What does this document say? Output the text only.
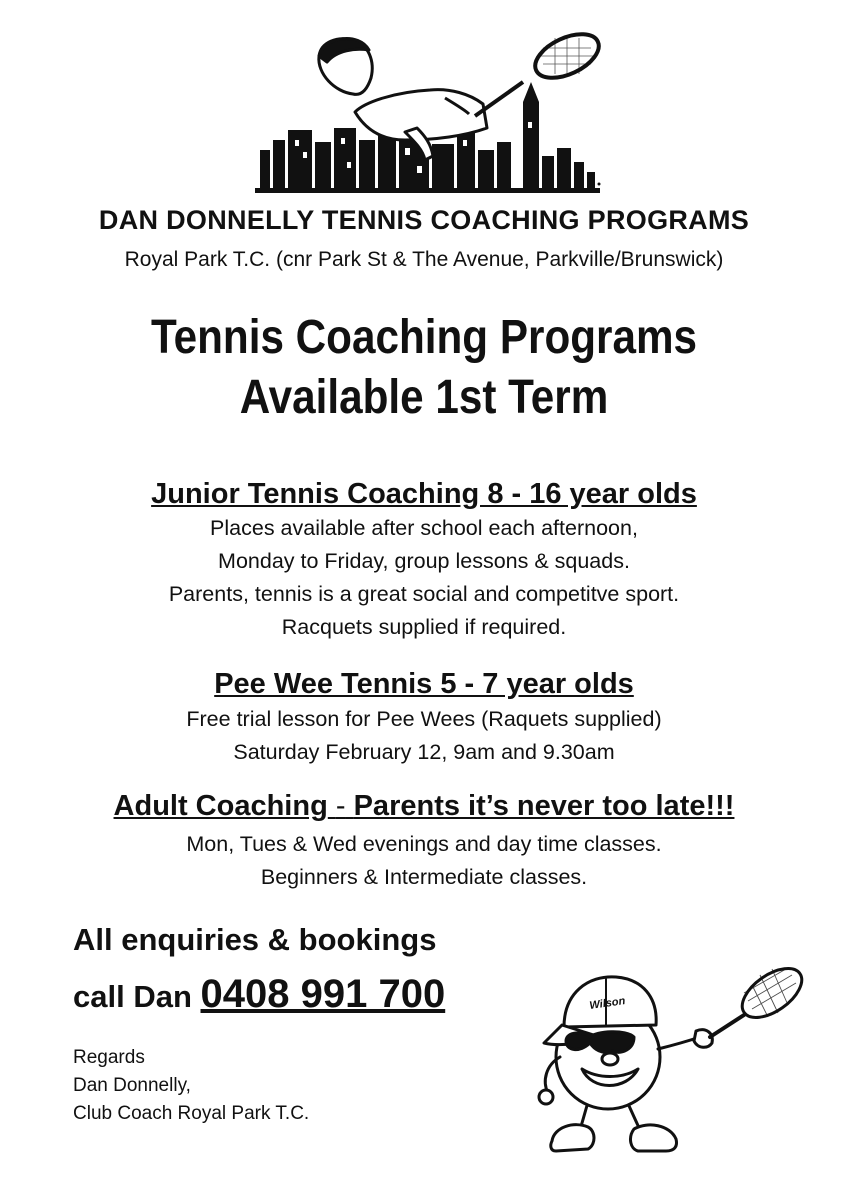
DAN DONNELLY TENNIS COACHING PROGRAMS
Royal Park T.C. (cnr Park St & The Avenue, Parkville/Brunswick)
Tennis Coaching Programs
Available 1st Term
Junior Tennis Coaching 8 - 16 year olds
Places available after school each afternoon,
Monday to Friday, group lessons & squads.
Parents, tennis is a great social and competitve sport.
Racquets supplied if required.
Pee Wee Tennis 5 - 7 year olds
Free trial lesson for Pee Wees (Raquets supplied)
Saturday February 12, 9am and 9.30am
Adult Coaching - Parents it’s never too late!!!
Mon, Tues & Wed evenings and day time classes.
Beginners & Intermediate classes.
All enquiries & bookings
call Dan 0408 991 700
Regards
Dan Donnelly,
Club Coach Royal Park T.C.
Wilson
